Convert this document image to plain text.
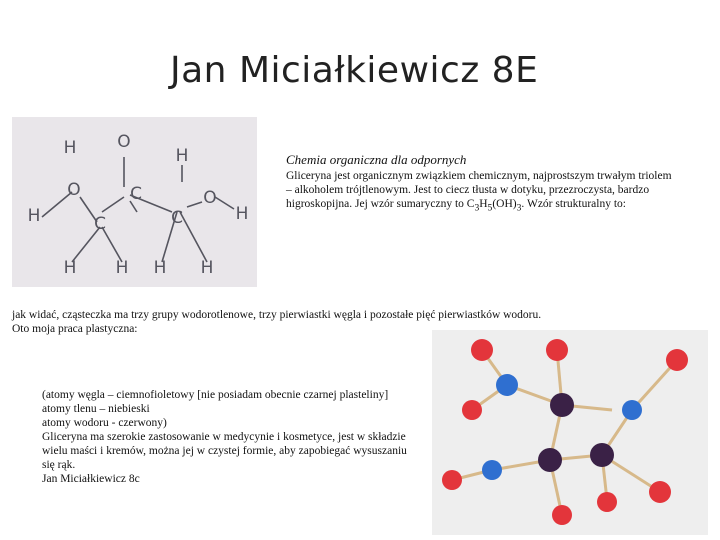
Jan Miciałkiewicz 8E
H O
H
O	C	O
H	C	C	H
H H H H
Chemia organiczna dla odpornych
Gliceryna jest organicznym związkiem chemicznym, najprostszym trwałym triolem – alkoholem trójtlenowym. Jest to ciecz tłusta w dotyku, przezroczysta, bardzo higroskopijna. Jej wzór sumaryczny to $C_3H_5(OH)_3$. Wzór strukturalny to:

jak widać, cząsteczka ma trzy grupy wodorotlenowe, trzy pierwiastki węgla i pozostałe pięć pierwiastków wodoru.

Oto moja praca plastyczna:

(atomy węgla – ciemnofioletowy [nie posiadam obecnie czarnej plasteliny]

atomy tlenu – niebieski

atomy wodoru - czerwony)

Gliceryna ma szerokie zastosowanie w medycynie i kosmetyce, jest w składzie wielu maści i kremów, można jej w czystej formie, aby zapobiegać wysuszaniu się rąk.

Jan Miciałkiewicz 8c
